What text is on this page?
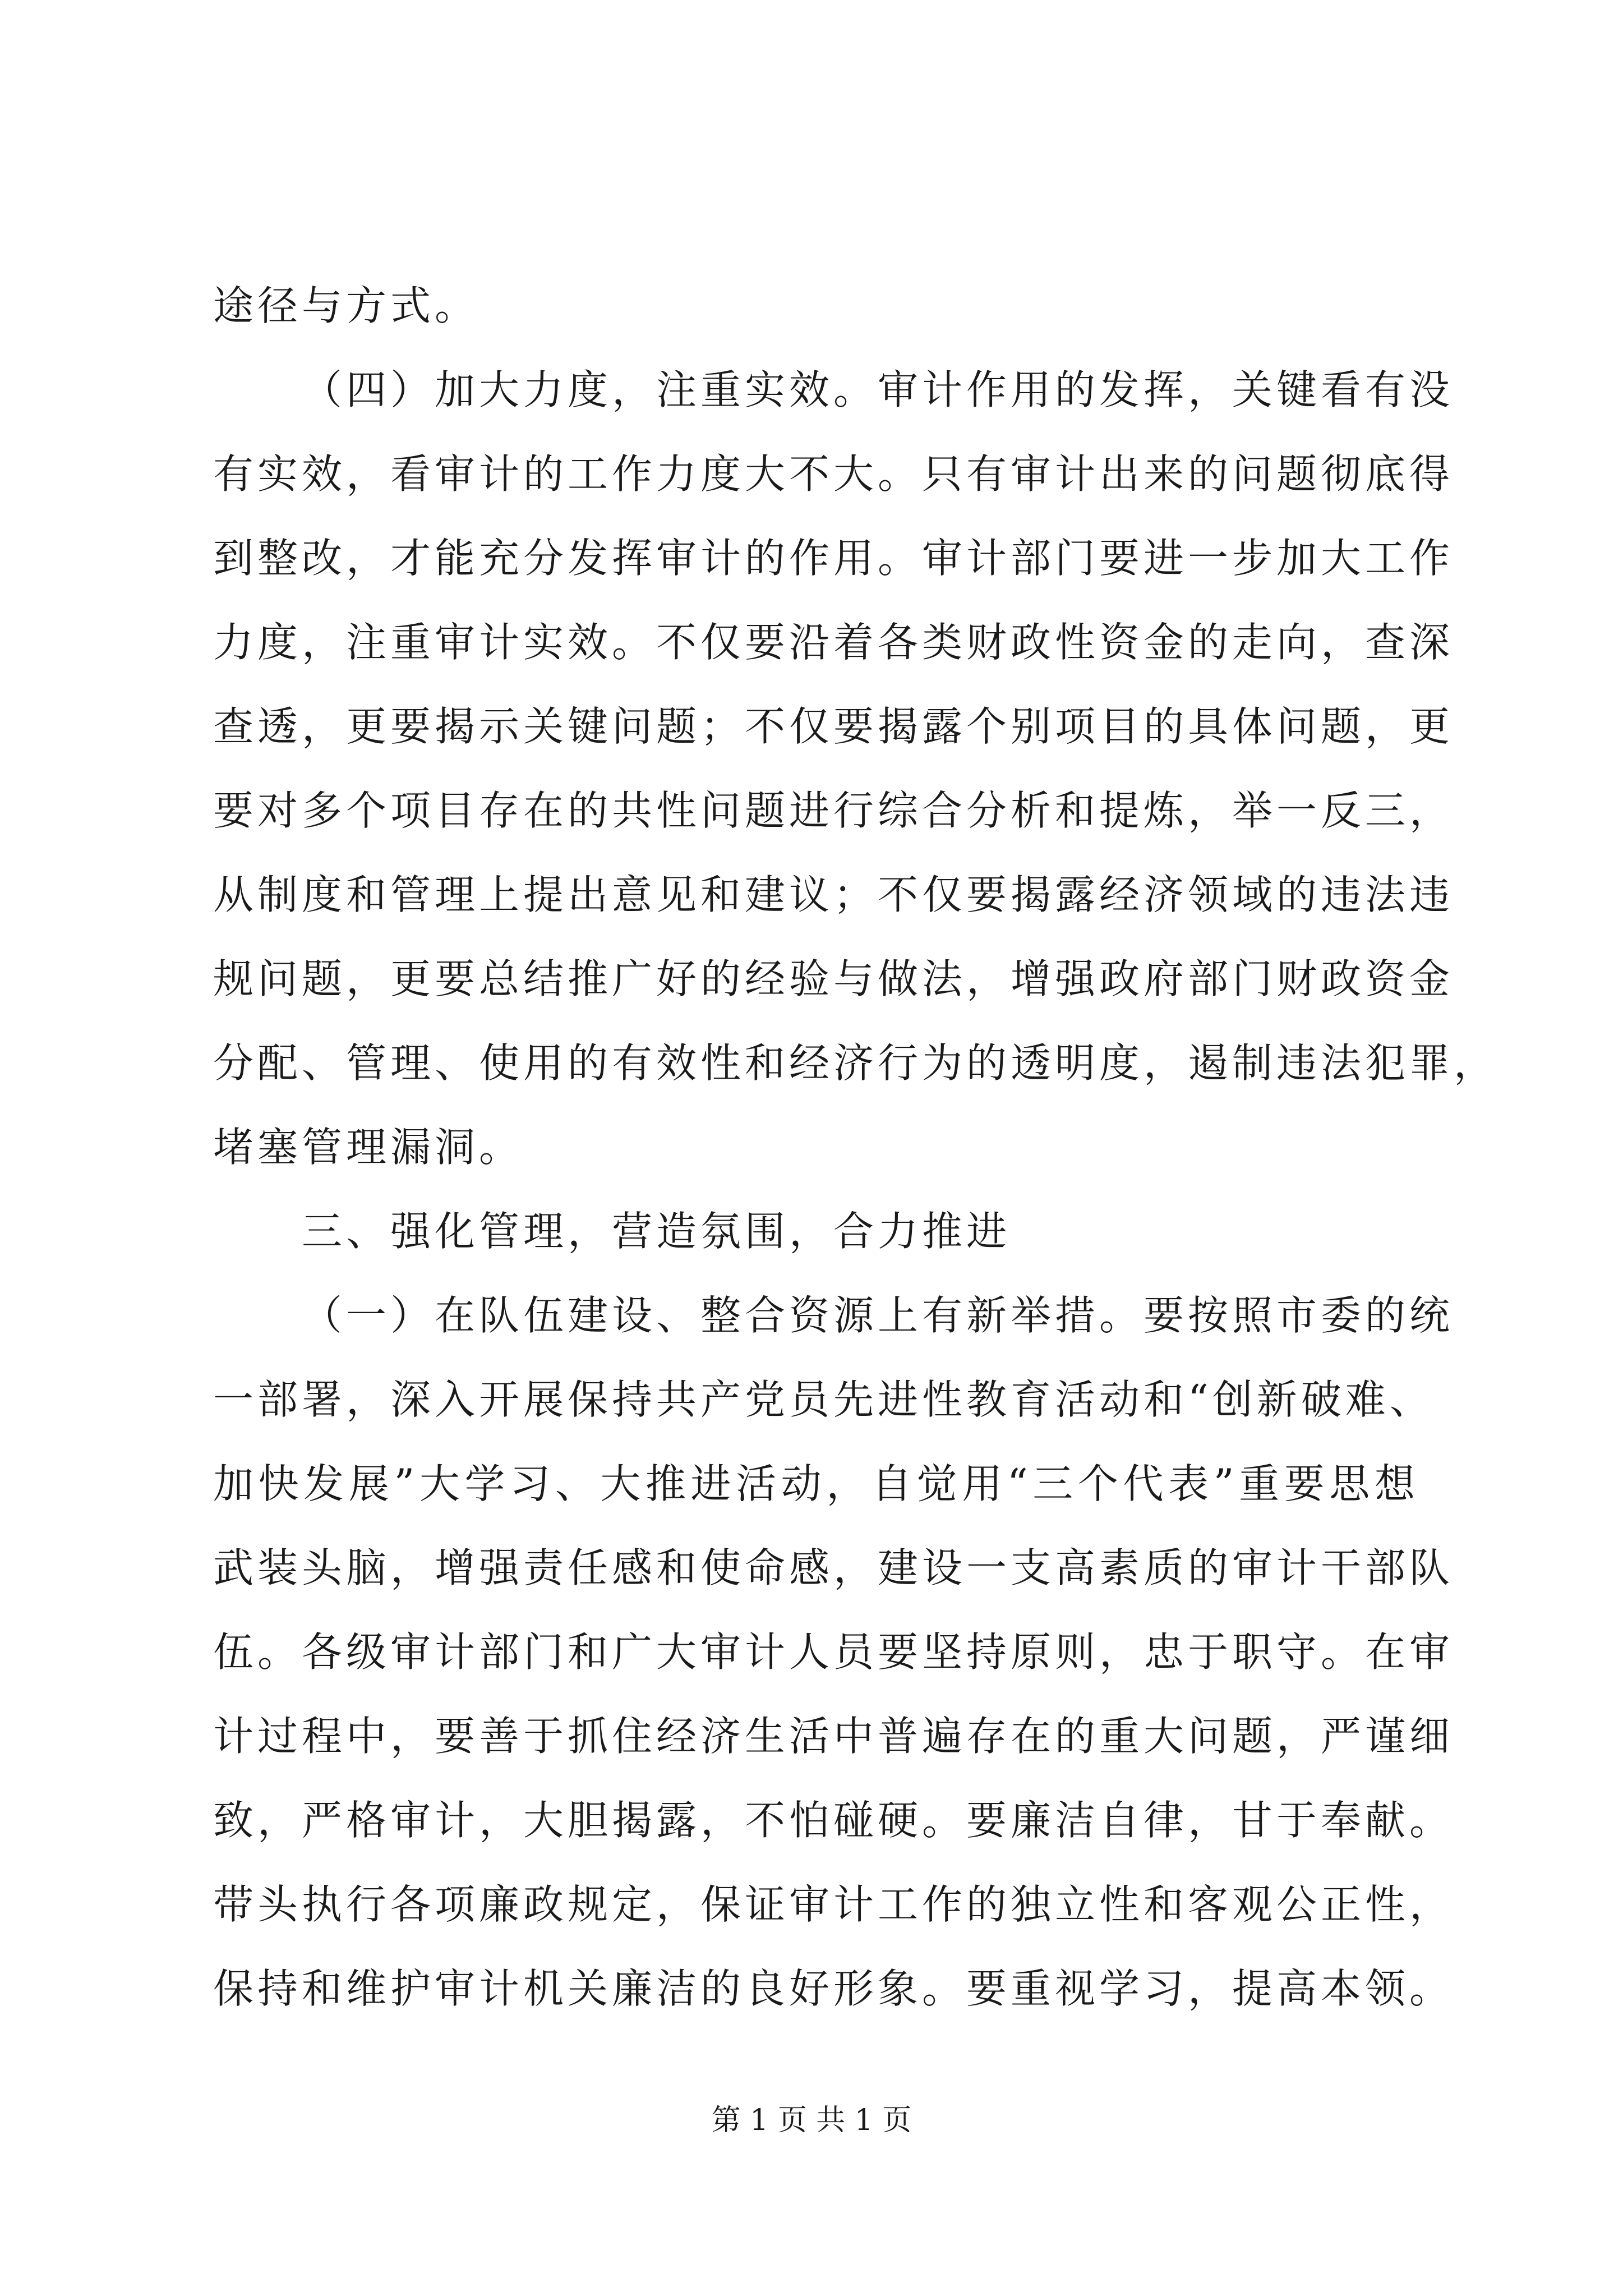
途径与方式。
（四）加大力度，注重实效。审计作用的发挥，关键看有没
有实效，看审计的工作力度大不大。只有审计出来的问题彻底得
到整改，才能充分发挥审计的作用。审计部门要进一步加大工作
力度，注重审计实效。不仅要沿着各类财政性资金的走向，查深
查透，更要揭示关键问题；不仅要揭露个别项目的具体问题，更
要对多个项目存在的共性问题进行综合分析和提炼，举一反三，
从制度和管理上提出意见和建议；不仅要揭露经济领域的违法违
规问题，更要总结推广好的经验与做法，增强政府部门财政资金
分配、管理、使用的有效性和经济行为的透明度，遏制违法犯罪，
堵塞管理漏洞。
三、强化管理，营造氛围，合力推进
（一）在队伍建设、整合资源上有新举措。要按照市委的统
一部署，深入开展保持共产党员先进性教育活动和“创新破难、
加快发展”大学习、大推进活动，自觉用“三个代表”重要思想
武装头脑，增强责任感和使命感，建设一支高素质的审计干部队
伍。各级审计部门和广大审计人员要坚持原则，忠于职守。在审
计过程中，要善于抓住经济生活中普遍存在的重大问题，严谨细
致，严格审计，大胆揭露，不怕碰硬。要廉洁自律，甘于奉献。
带头执行各项廉政规定，保证审计工作的独立性和客观公正性，
保持和维护审计机关廉洁的良好形象。要重视学习，提高本领。
第 1 页 共 1 页
